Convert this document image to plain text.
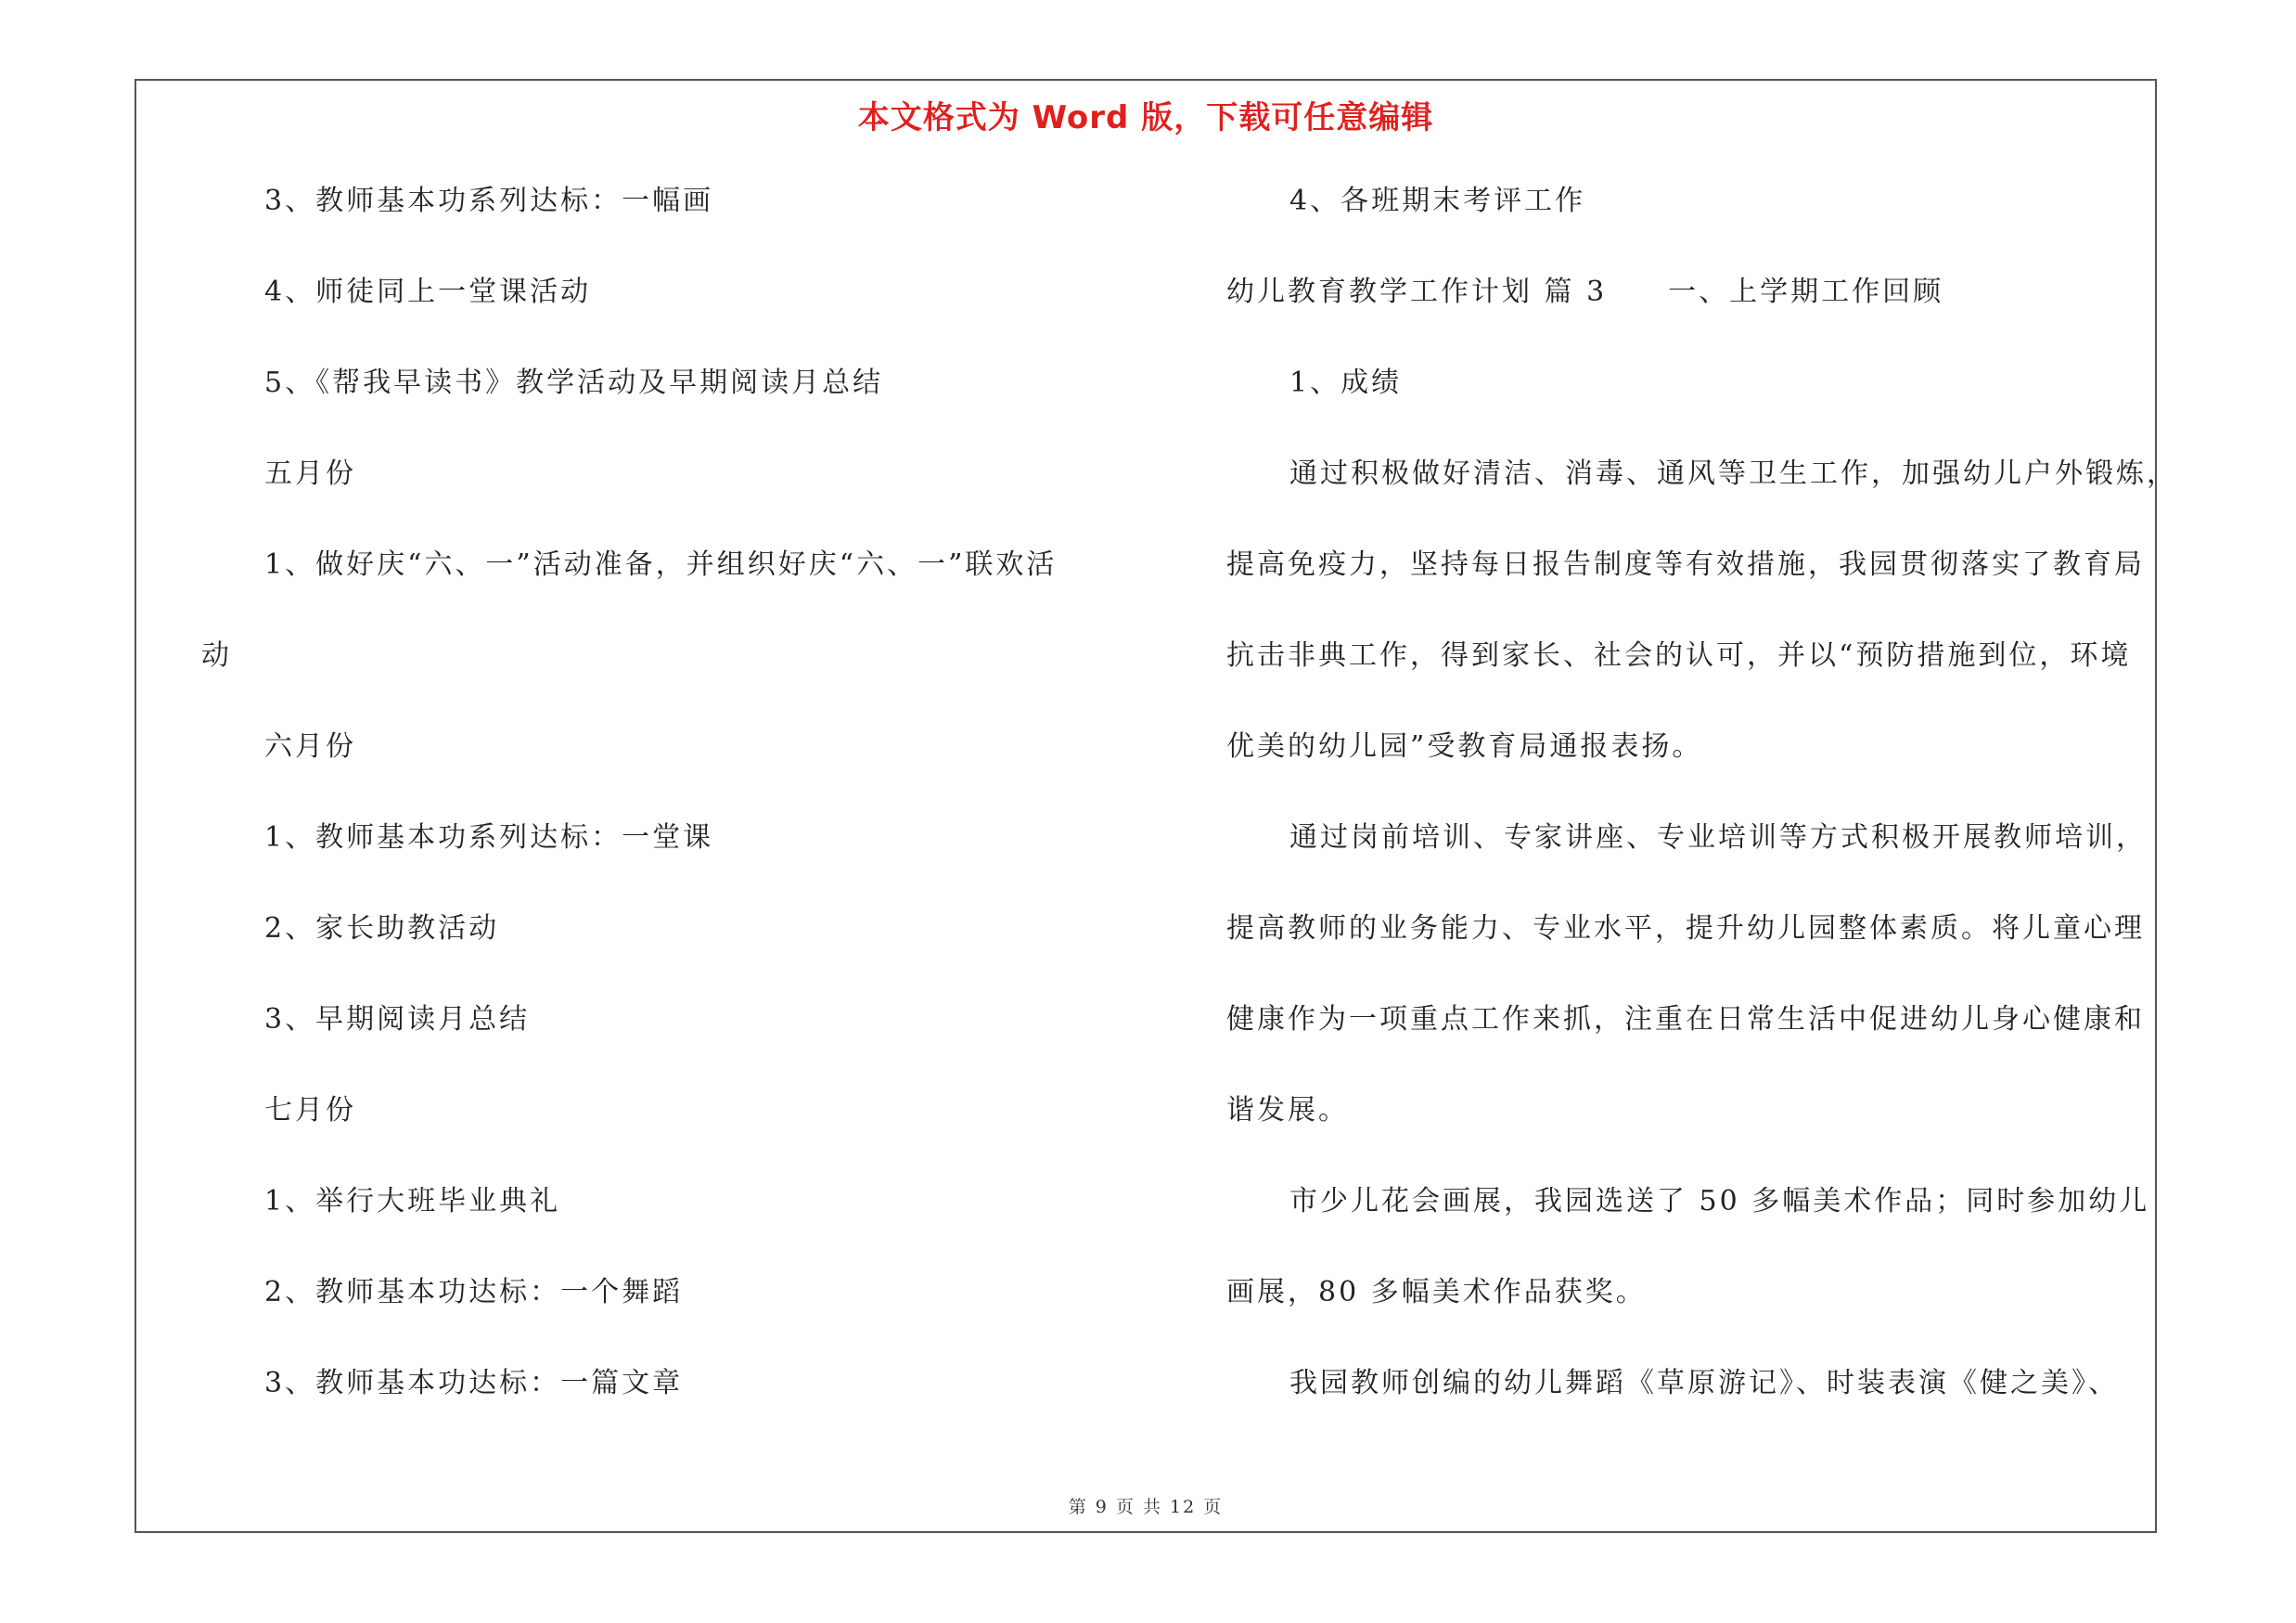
本文格式为 Word 版，下载可任意编辑
3、教师基本功系列达标：一幅画
4、师徒同上一堂课活动
5、《帮我早读书》教学活动及早期阅读月总结
五月份
1、做好庆“六、一”活动准备，并组织好庆“六、一”联欢活
动
六月份
1、教师基本功系列达标：一堂课
2、家长助教活动
3、早期阅读月总结
七月份
1、举行大班毕业典礼
2、教师基本功达标：一个舞蹈
3、教师基本功达标：一篇文章
4、各班期末考评工作
幼儿教育教学工作计划 篇 3　　一、上学期工作回顾
1、成绩
通过积极做好清洁、消毒、通风等卫生工作，加强幼儿户外锻炼，
提高免疫力，坚持每日报告制度等有效措施，我园贯彻落实了教育局
抗击非典工作，得到家长、社会的认可，并以“预防措施到位，环境
优美的幼儿园”受教育局通报表扬。
通过岗前培训、专家讲座、专业培训等方式积极开展教师培训，
提高教师的业务能力、专业水平，提升幼儿园整体素质。将儿童心理
健康作为一项重点工作来抓，注重在日常生活中促进幼儿身心健康和
谐发展。
市少儿花会画展，我园选送了 50 多幅美术作品；同时参加幼儿
画展，80 多幅美术作品获奖。
我园教师创编的幼儿舞蹈《草原游记》、时装表演《健之美》、
第 9 页 共 12 页
